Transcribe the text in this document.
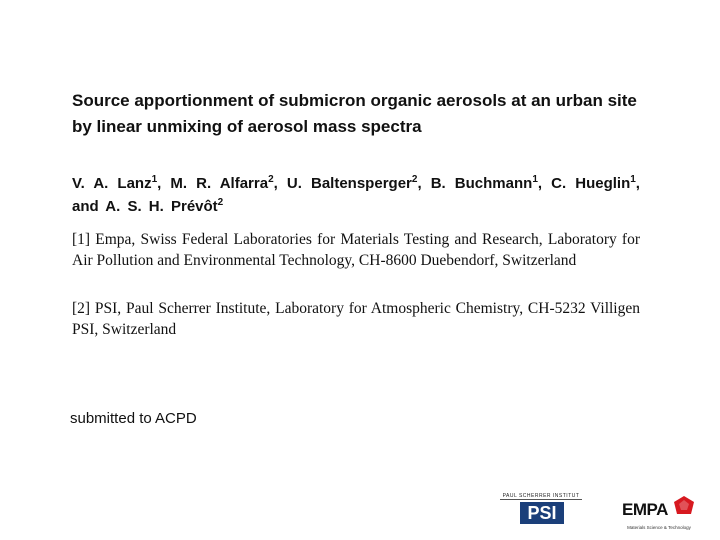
Source apportionment of submicron organic aerosols at an urban site by linear unmixing of aerosol mass spectra
V. A. Lanz$^1$, M. R. Alfarra$^2$, U. Baltensperger$^2$, B. Buchmann$^1$, C. Hueglin$^1$, and A. S. H. Prévôt$^2$
[1] Empa, Swiss Federal Laboratories for Materials Testing and Research, Laboratory for Air Pollution and Environmental Technology, CH-8600 Duebendorf, Switzerland
[2] PSI, Paul Scherrer Institute, Laboratory for Atmospheric Chemistry, CH-5232 Villigen PSI, Switzerland
submitted to ACPD
PAUL SCHERRER INSTITUT
PSI	EMPA
Materials Science & Technology
